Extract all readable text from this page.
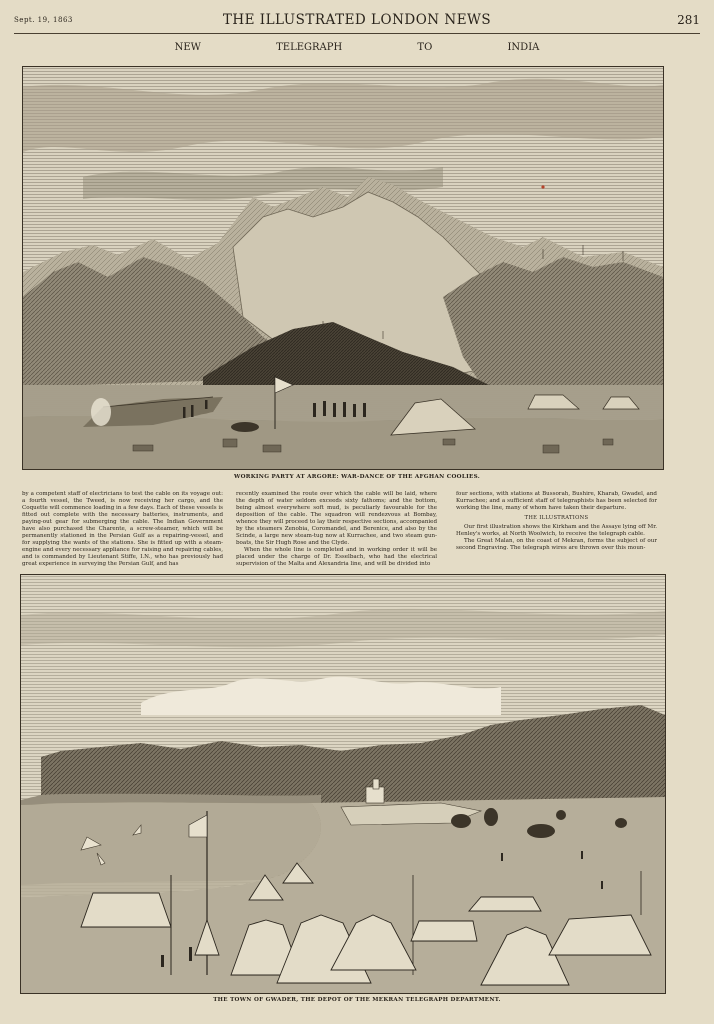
Sept. 19, 1863	THE ILLUSTRATED LONDON NEWS	281
NEW	TELEGRAPH	TO	INDIA
WORKING PARTY AT ARGORE: WAR-DANCE OF THE AFGHAN COOLIES.

by a competent staff of electricians to test the cable on its voyage out: a fourth vessel, the Tweed, is now receiving her cargo, and the Coquette will commence loading in a few days. Each of these vessels is fitted out complete with the necessary batteries, instruments, and paying-out gear for submerging the cable. The Indian Government have also purchased the Charente, a screw-steamer, which will be permanently stationed in the Persian Gulf as a repairing-vessel, and for supplying the wants of the stations. She is fitted up with a steam-engine and every necessary appliance for raising and repairing cables, and is commanded by Lieutenant Stiffe, I.N., who has previously had great experience in surveying the Persian Gulf, and has

recently examined the route over which the cable will be laid, where the depth of water seldom exceeds sixty fathoms; and the bottom, being almost everywhere soft mud, is peculiarly favourable for the deposition of the cable. The squadron will rendezvous at Bombay, whence they will proceed to lay their respective sections, accompanied by the steamers Zenobia, Coromandel, and Berenice, and also by the Scinde, a large new steam-tug now at Kurrachee, and two steam gun-boats, the Sir Hugh Rose and the Clyde.

When the whole line is completed and in working order it will be placed under the charge of Dr. Esselbach, who had the electrical supervision of the Malta and Alexandria line, and will be divided into

four sections, with stations at Bussorah, Bushire, Kharab, Gwadel, and Kurrachee; and a sufficient staff of telegraphists has been selected for working the line, many of whom have taken their departure.

THE ILLUSTRATIONS

Our first illustration shows the Kirkham and the Assaye lying off Mr. Henley's works, at North Woolwich, to receive the telegraph cable.

The Great Malan, on the coast of Mekran, forms the subject of our second Engraving. The telegraph wires are thrown over this moun-

THE TOWN OF GWADER, THE DEPOT OF THE MEKRAN TELEGRAPH DEPARTMENT.
